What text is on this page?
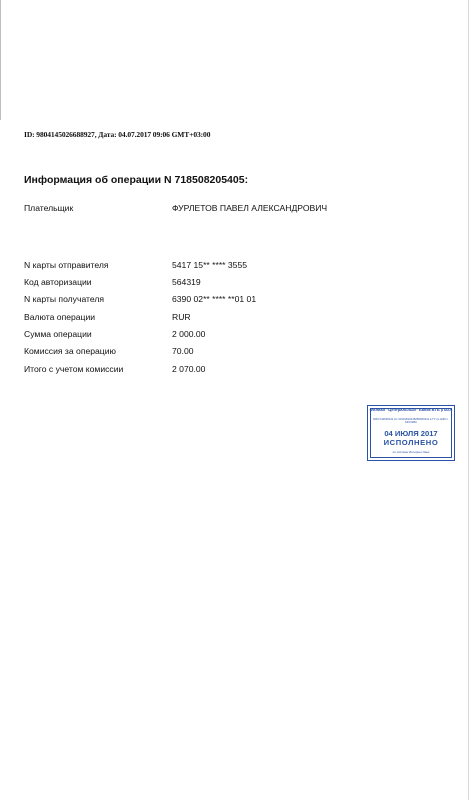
ID: 9804145026688927, Дата: 04.07.2017 09:06 GMT+03:00
Информация об операции N 718508205405:
Плательщик	ФУРЛЕТОВ ПАВЕЛ АЛЕКСАНДРОВИЧ
N карты отправителя	5417 15** **** 3555
Код авторизации	564319
N карты получателя	6390 02** **** **01 01
Валюта операции	RUR
Сумма операции	2 000.00
Комиссия за операцию	70.00
Итого с учетом комиссии	2 070.00
Филиал "Центральный" Банка ВТБ (ПАО)
БИК 044525411 к/с 30101810145250000411 в ГУ по ЦФО г. МОСКВА
04 ИЮЛЯ 2017
ИСПОЛНЕНО
по системе Интернет-банк
